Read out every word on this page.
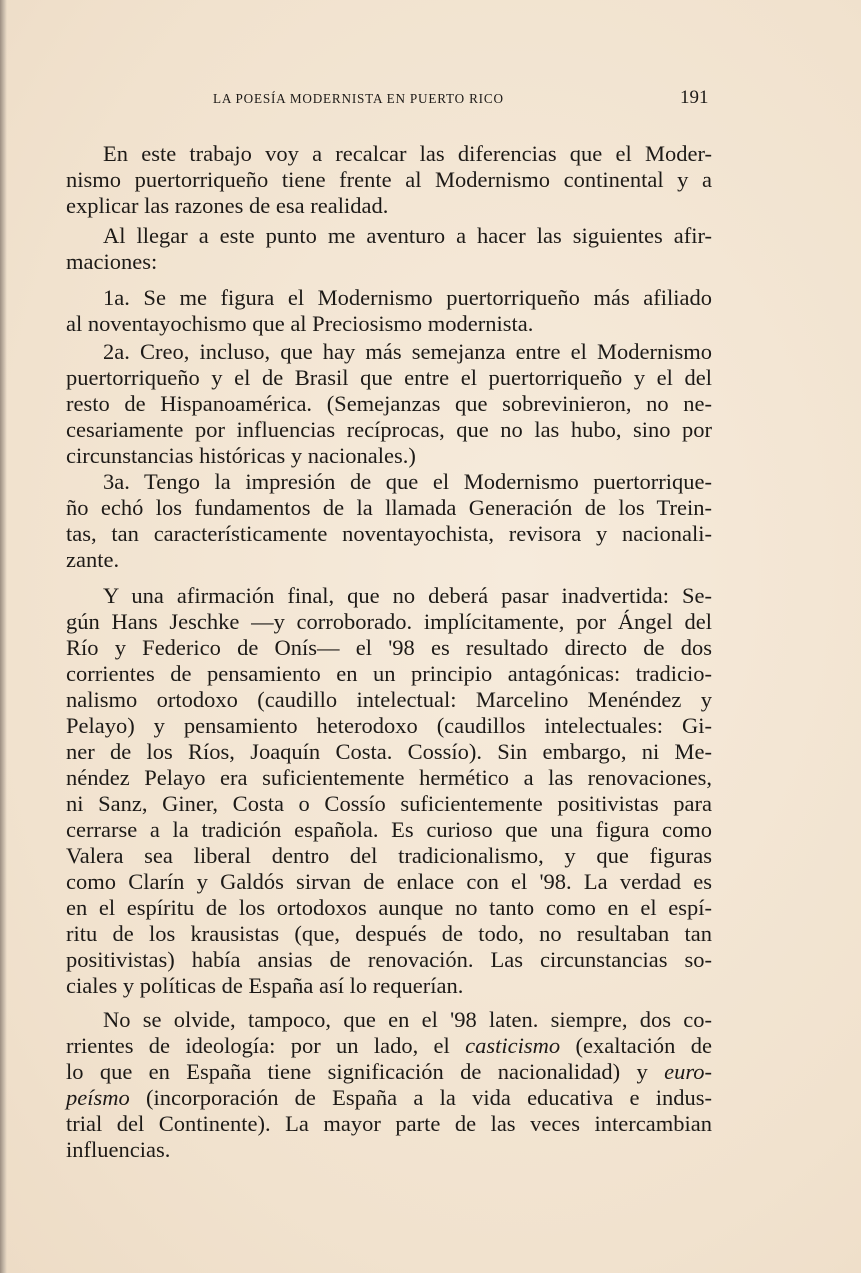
LA POESÍA MODERNISTA EN PUERTO RICO	191
En este trabajo voy a recalcar las diferencias que el Moder-
nismo puertorriqueño tiene frente al Modernismo continental y a
explicar las razones de esa realidad.
Al llegar a este punto me aventuro a hacer las siguientes afir-
maciones:
1a. Se me figura el Modernismo puertorriqueño más afiliado
al noventayochismo que al Preciosismo modernista.
2a. Creo, incluso, que hay más semejanza entre el Modernismo
puertorriqueño y el de Brasil que entre el puertorriqueño y el del
resto de Hispanoamérica. (Semejanzas que sobrevinieron, no ne-
cesariamente por influencias recíprocas, que no las hubo, sino por
circunstancias históricas y nacionales.)
3a. Tengo la impresión de que el Modernismo puertorrique-
ño echó los fundamentos de la llamada Generación de los Trein-
tas, tan característicamente noventayochista, revisora y nacionali-
zante.
Y una afirmación final, que no deberá pasar inadvertida: Se-
gún Hans Jeschke —y corroborado. implícitamente, por Ángel del
Río y Federico de Onís— el '98 es resultado directo de dos
corrientes de pensamiento en un principio antagónicas: tradicio-
nalismo ortodoxo (caudillo intelectual: Marcelino Menéndez y
Pelayo) y pensamiento heterodoxo (caudillos intelectuales: Gi-
ner de los Ríos, Joaquín Costa. Cossío). Sin embargo, ni Me-
néndez Pelayo era suficientemente hermético a las renovaciones,
ni Sanz, Giner, Costa o Cossío suficientemente positivistas para
cerrarse a la tradición española. Es curioso que una figura como
Valera sea liberal dentro del tradicionalismo, y que figuras
como Clarín y Galdós sirvan de enlace con el '98. La verdad es
en el espíritu de los ortodoxos aunque no tanto como en el espí-
ritu de los krausistas (que, después de todo, no resultaban tan
positivistas) había ansias de renovación. Las circunstancias so-
ciales y políticas de España así lo requerían.
No se olvide, tampoco, que en el '98 laten. siempre, dos co-
rrientes de ideología: por un lado, el casticismo (exaltación de
lo que en España tiene significación de nacionalidad) y euro-
peísmo (incorporación de España a la vida educativa e indus-
trial del Continente). La mayor parte de las veces intercambian
influencias.
